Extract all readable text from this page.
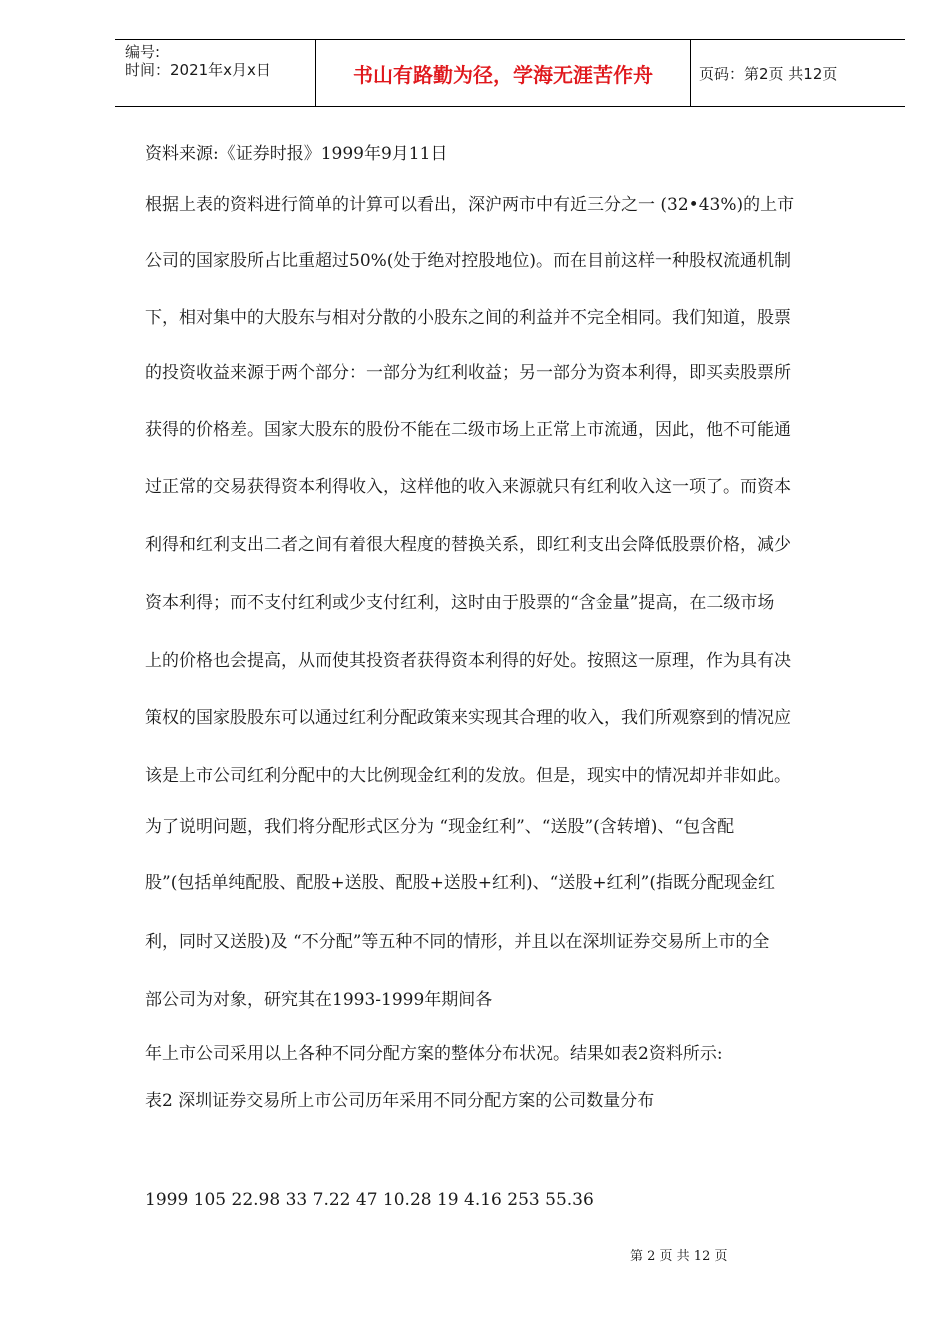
编号:
时间：2021年x月x日	书山有路勤为径，学海无涯苦作舟	页码：第2页 共12页
资料来源:《证券时报》1999年9月11日
根据上表的资料进行简单的计算可以看出，深沪两市中有近三分之一 (32•43%)的上市
公司的国家股所占比重超过50%(处于绝对控股地位)。而在目前这样一种股权流通机制
下，相对集中的大股东与相对分散的小股东之间的利益并不完全相同。我们知道，股票
的投资收益来源于两个部分：一部分为红利收益；另一部分为资本利得，即买卖股票所
获得的价格差。国家大股东的股份不能在二级市场上正常上市流通，因此，他不可能通
过正常的交易获得资本利得收入，这样他的收入来源就只有红利收入这一项了。而资本
利得和红利支出二者之间有着很大程度的替换关系，即红利支出会降低股票价格，减少
资本利得；而不支付红利或少支付红利，这时由于股票的“含金量”提高，在二级市场
上的价格也会提高，从而使其投资者获得资本利得的好处。按照这一原理，作为具有决
策权的国家股股东可以通过红利分配政策来实现其合理的收入，我们所观察到的情况应
该是上市公司红利分配中的大比例现金红利的发放。但是，现实中的情况却并非如此。
为了说明问题，我们将分配形式区分为 “现金红利”、“送股”(含转增)、“包含配
股”(包括单纯配股、配股+送股、配股+送股+红利)、“送股+红利”(指既分配现金红
利，同时又送股)及 “不分配”等五种不同的情形，并且以在深圳证券交易所上市的全
部公司为对象，研究其在1993-1999年期间各
年上市公司采用以上各种不同分配方案的整体分布状况。结果如表2资料所示:
表2 深圳证券交易所上市公司历年采用不同分配方案的公司数量分布
1999 105 22.98 33 7.22 47 10.28 19 4.16 253 55.36
第 2 页 共 12 页
